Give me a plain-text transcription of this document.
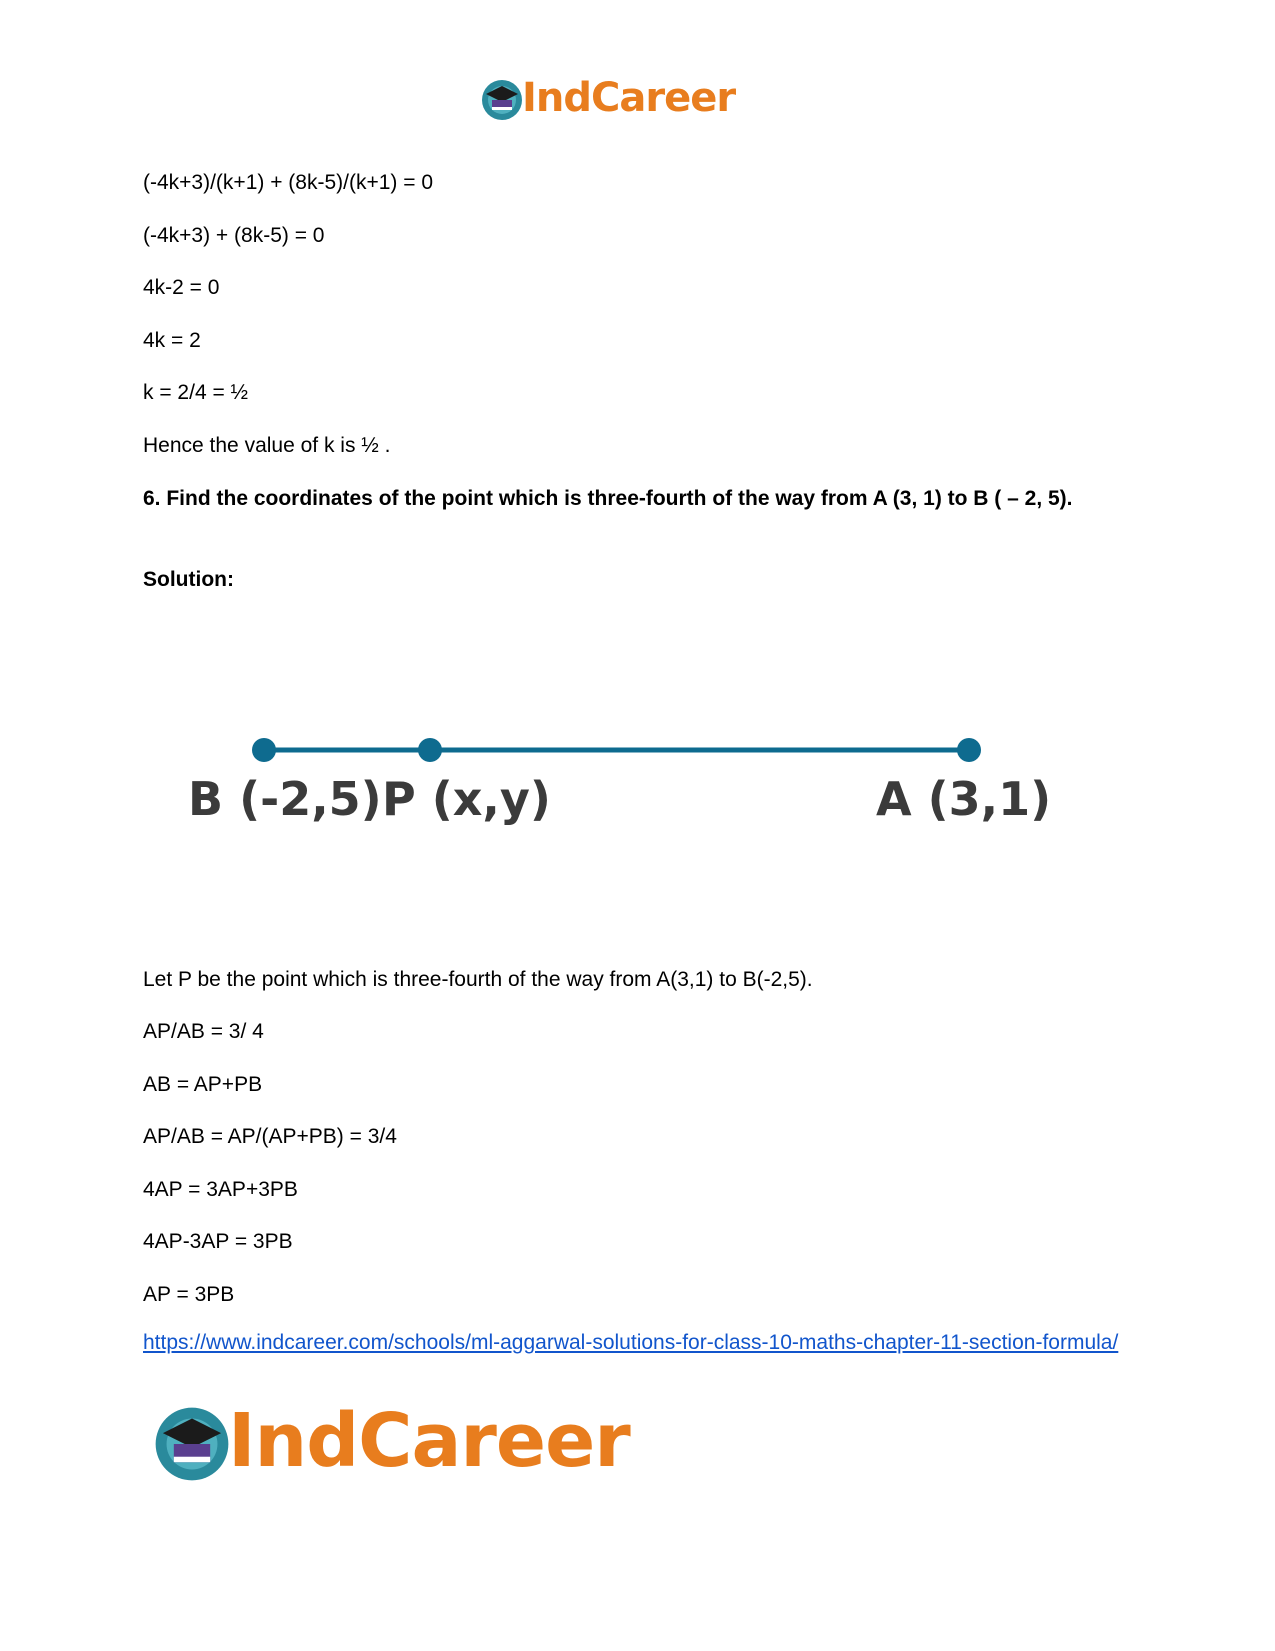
IndCareer
(-4k+3)/(k+1) + (8k-5)/(k+1) = 0
(-4k+3) + (8k-5) = 0
4k-2 = 0
4k = 2
k = 2/4 = ½
Hence the value of k is ½ .
6. Find the coordinates of the point which is three-fourth of the way from A (3, 1) to B ( – 2, 5).
Solution:
B (-2,5) P (x,y)	A (3,1)
Let P be the point which is three-fourth of the way from A(3,1) to B(-2,5).
AP/AB = 3/ 4
AB = AP+PB
AP/AB = AP/(AP+PB) = 3/4
4AP = 3AP+3PB
4AP-3AP = 3PB
AP = 3PB
https://www.indcareer.com/schools/ml-aggarwal-solutions-for-class-10-maths-chapter-11-section-formula/
IndCareer
